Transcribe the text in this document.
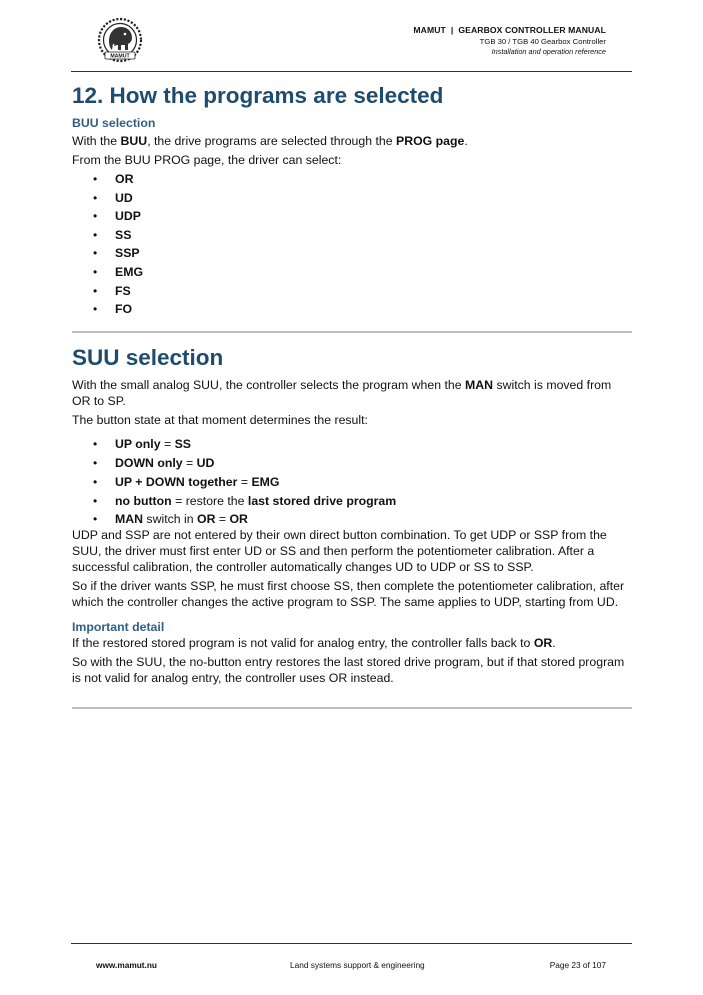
MAMUT
MAMUT  |  GEARBOX CONTROLLER MANUAL
TGB 30 / TGB 40 Gearbox Controller
Installation and operation reference
12. How the programs are selected
BUU selection

With the BUU, the drive programs are selected through the PROG page.

From the BUU PROG page, the driver can select:

• OR
• UD
• UDP
• SS
• SSP
• EMG
• FS
• FO
SUU selection

With the small analog SUU, the controller selects the program when the MAN switch is moved from OR to SP.

The button state at that moment determines the result:

• UP only = SS
• DOWN only = UD
• UP + DOWN together = EMG
• no button = restore the last stored drive program
• MAN switch in OR = OR

UDP and SSP are not entered by their own direct button combination. To get UDP or SSP from the SUU, the driver must first enter UD or SS and then perform the potentiometer calibration. After a successful calibration, the controller automatically changes UD to UDP or SS to SSP.

So if the driver wants SSP, he must first choose SS, then complete the potentiometer calibration, after which the controller changes the active program to SSP. The same applies to UDP, starting from UD.

Important detail

If the restored stored program is not valid for analog entry, the controller falls back to OR.

So with the SUU, the no-button entry restores the last stored drive program, but if that stored program is not valid for analog entry, the controller uses OR instead.

www.mamut.nu	Land systems support & engineering	Page 23 of 107
